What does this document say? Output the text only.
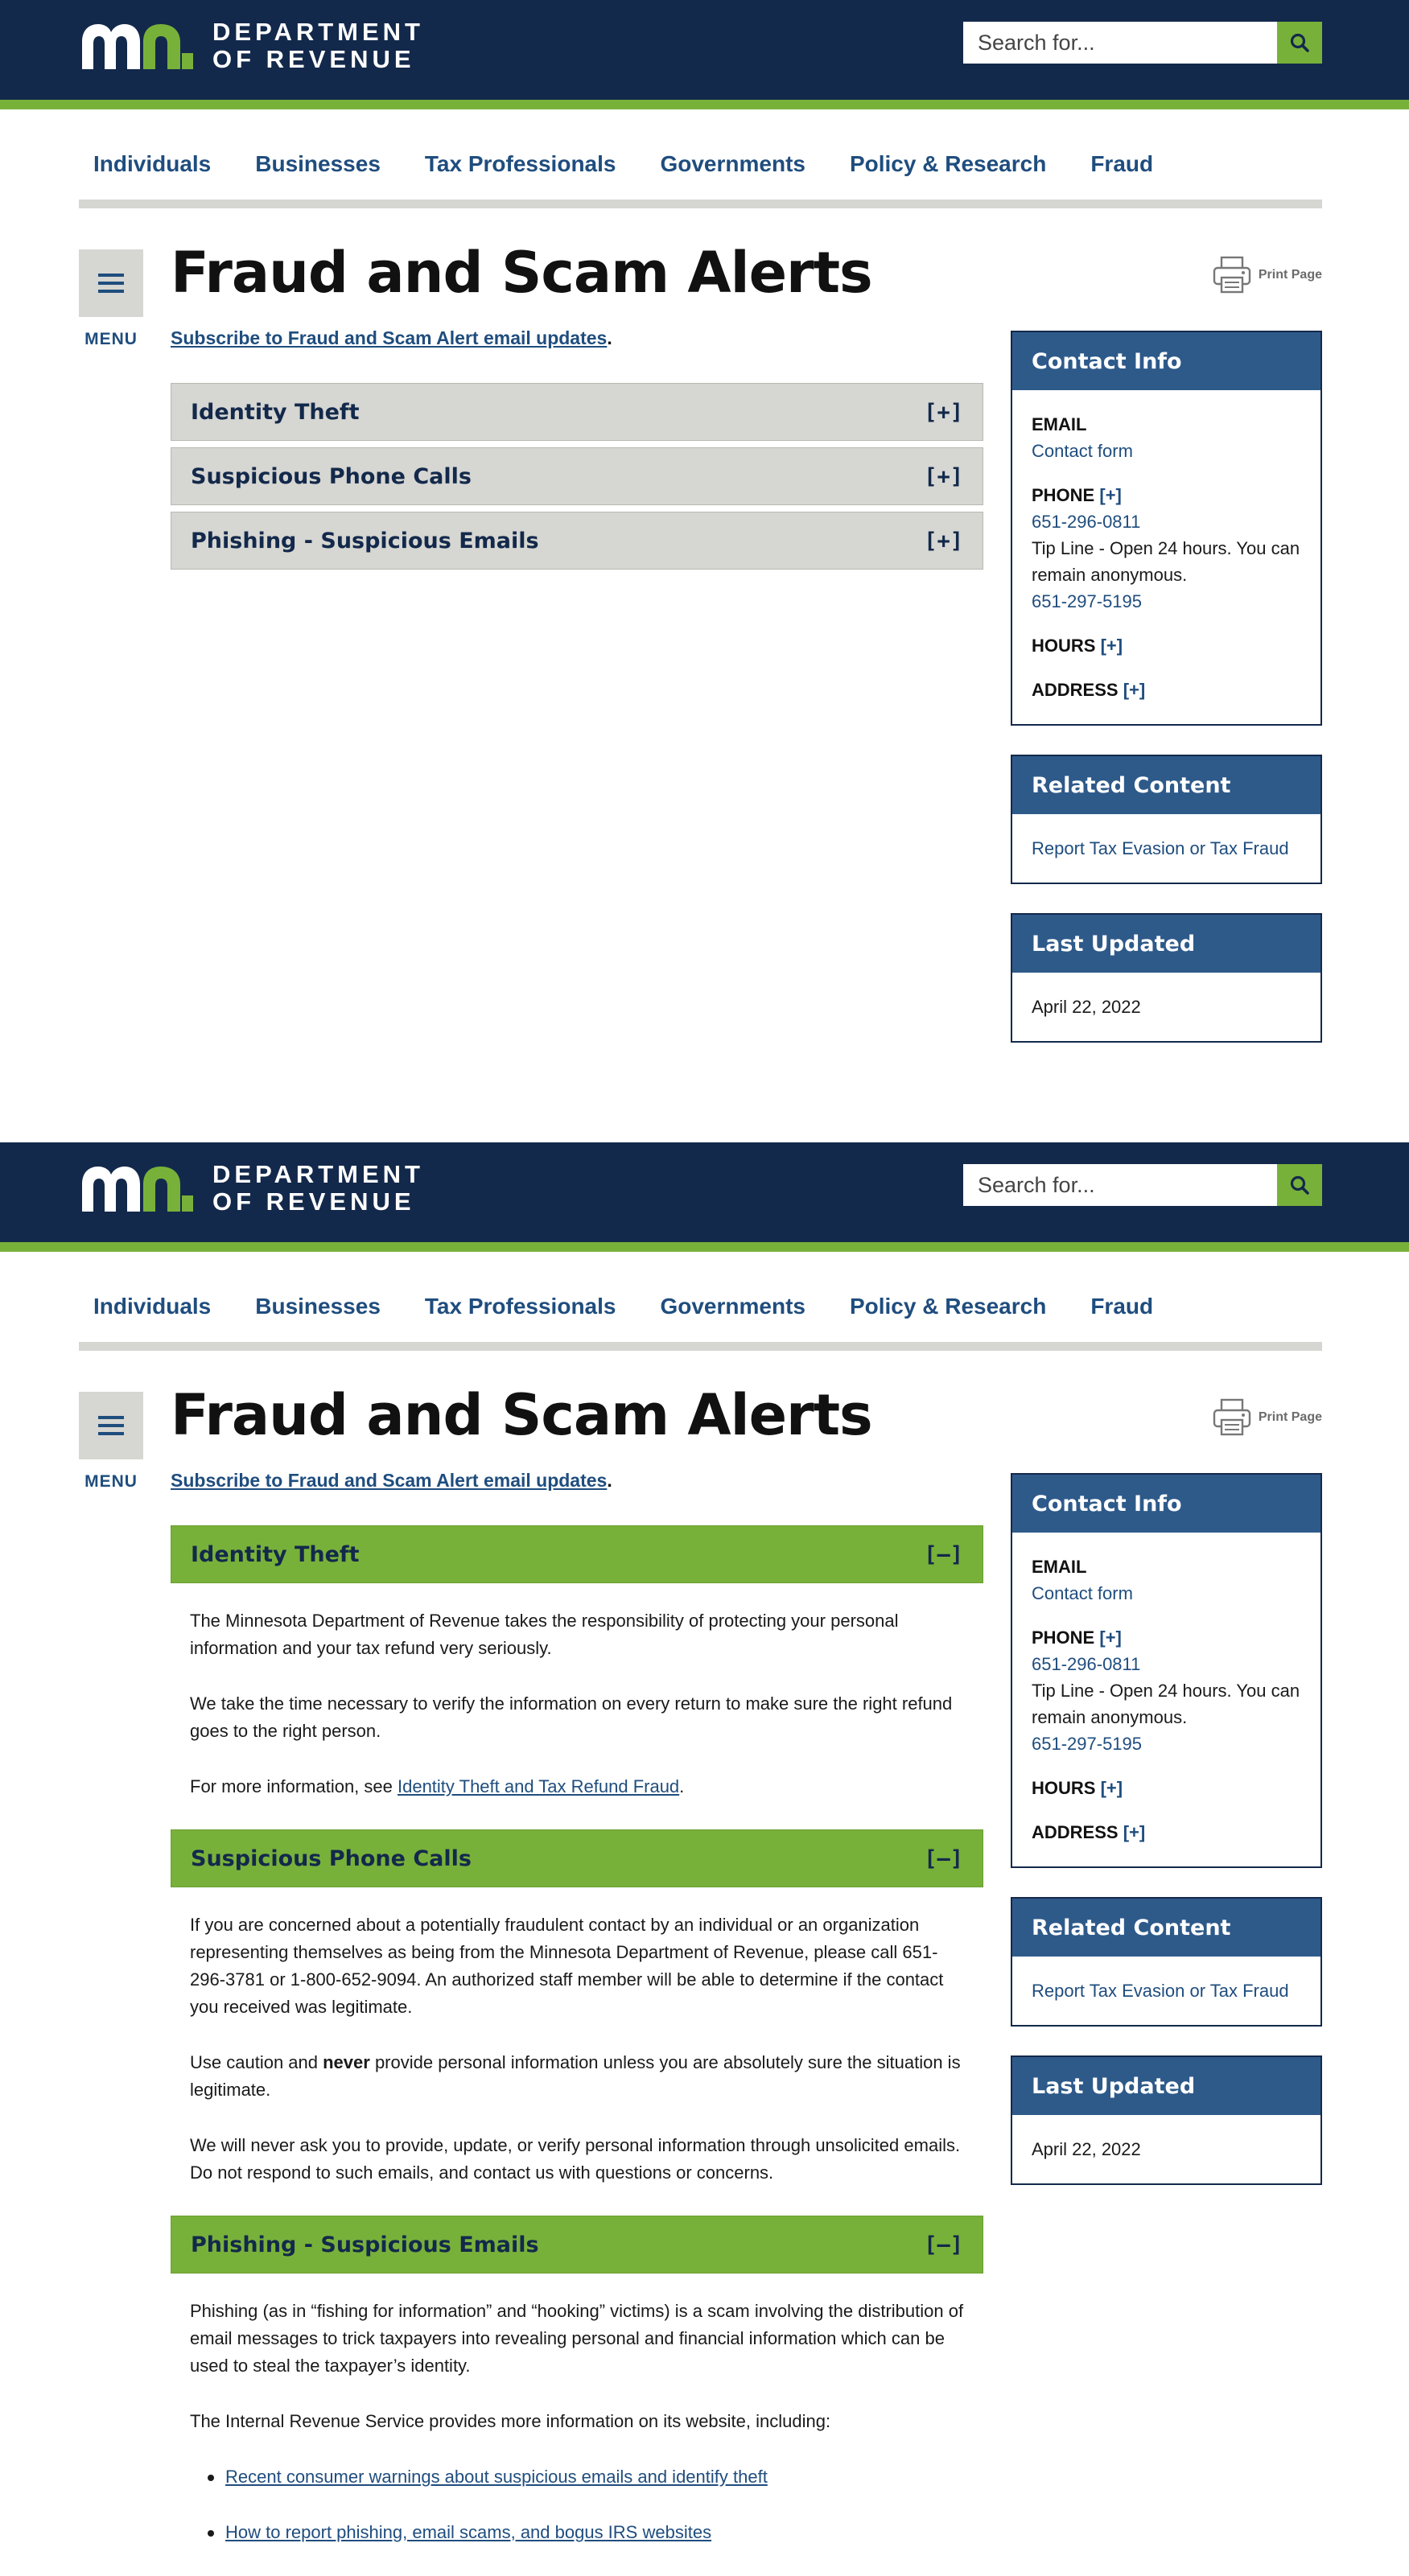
DEPARTMENT
OF REVENUE
Search for...
Individuals	Businesses	Tax Professionals	Governments	Policy & Research	Fraud
MENU
Fraud and Scam Alerts	Print Page
Subscribe to Fraud and Scam Alert email updates.
Identity Theft	[+]
Suspicious Phone Calls	[+]
Phishing - Suspicious Emails	[+]
Contact Info
EMAIL
Contact form
PHONE [+]
651-296-0811
Tip Line - Open 24 hours. You can remain anonymous.
651-297-5195
HOURS [+]
ADDRESS [+]
Related Content
Report Tax Evasion or Tax Fraud
Last Updated
April 22, 2022
DEPARTMENT
OF REVENUE
Search for...
Individuals	Businesses	Tax Professionals	Governments	Policy & Research	Fraud
MENU
Fraud and Scam Alerts	Print Page
Subscribe to Fraud and Scam Alert email updates.
Identity Theft	[–]

The Minnesota Department of Revenue takes the responsibility of protecting your personal information and your tax refund very seriously.

We take the time necessary to verify the information on every return to make sure the right refund goes to the right person.

For more information, see Identity Theft and Tax Refund Fraud.

Suspicious Phone Calls	[–]

If you are concerned about a potentially fraudulent contact by an individual or an organization representing themselves as being from the Minnesota Department of Revenue, please call 651-296-3781 or 1-800-652-9094. An authorized staff member will be able to determine if the contact you received was legitimate.

Use caution and never provide personal information unless you are absolutely sure the situation is legitimate.

We will never ask you to provide, update, or verify personal information through unsolicited emails. Do not respond to such emails, and contact us with questions or concerns.

Phishing - Suspicious Emails	[–]

Phishing (as in “fishing for information” and “hooking” victims) is a scam involving the distribution of email messages to trick taxpayers into revealing personal and financial information which can be used to steal the taxpayer’s identity.

The Internal Revenue Service provides more information on its website, including:

Recent consumer warnings about suspicious emails and identify theft
How to report phishing, email scams, and bogus IRS websites
Contact Info
EMAIL
Contact form
PHONE [+]
651-296-0811
Tip Line - Open 24 hours. You can remain anonymous.
651-297-5195
HOURS [+]
ADDRESS [+]
Related Content
Report Tax Evasion or Tax Fraud
Last Updated
April 22, 2022
